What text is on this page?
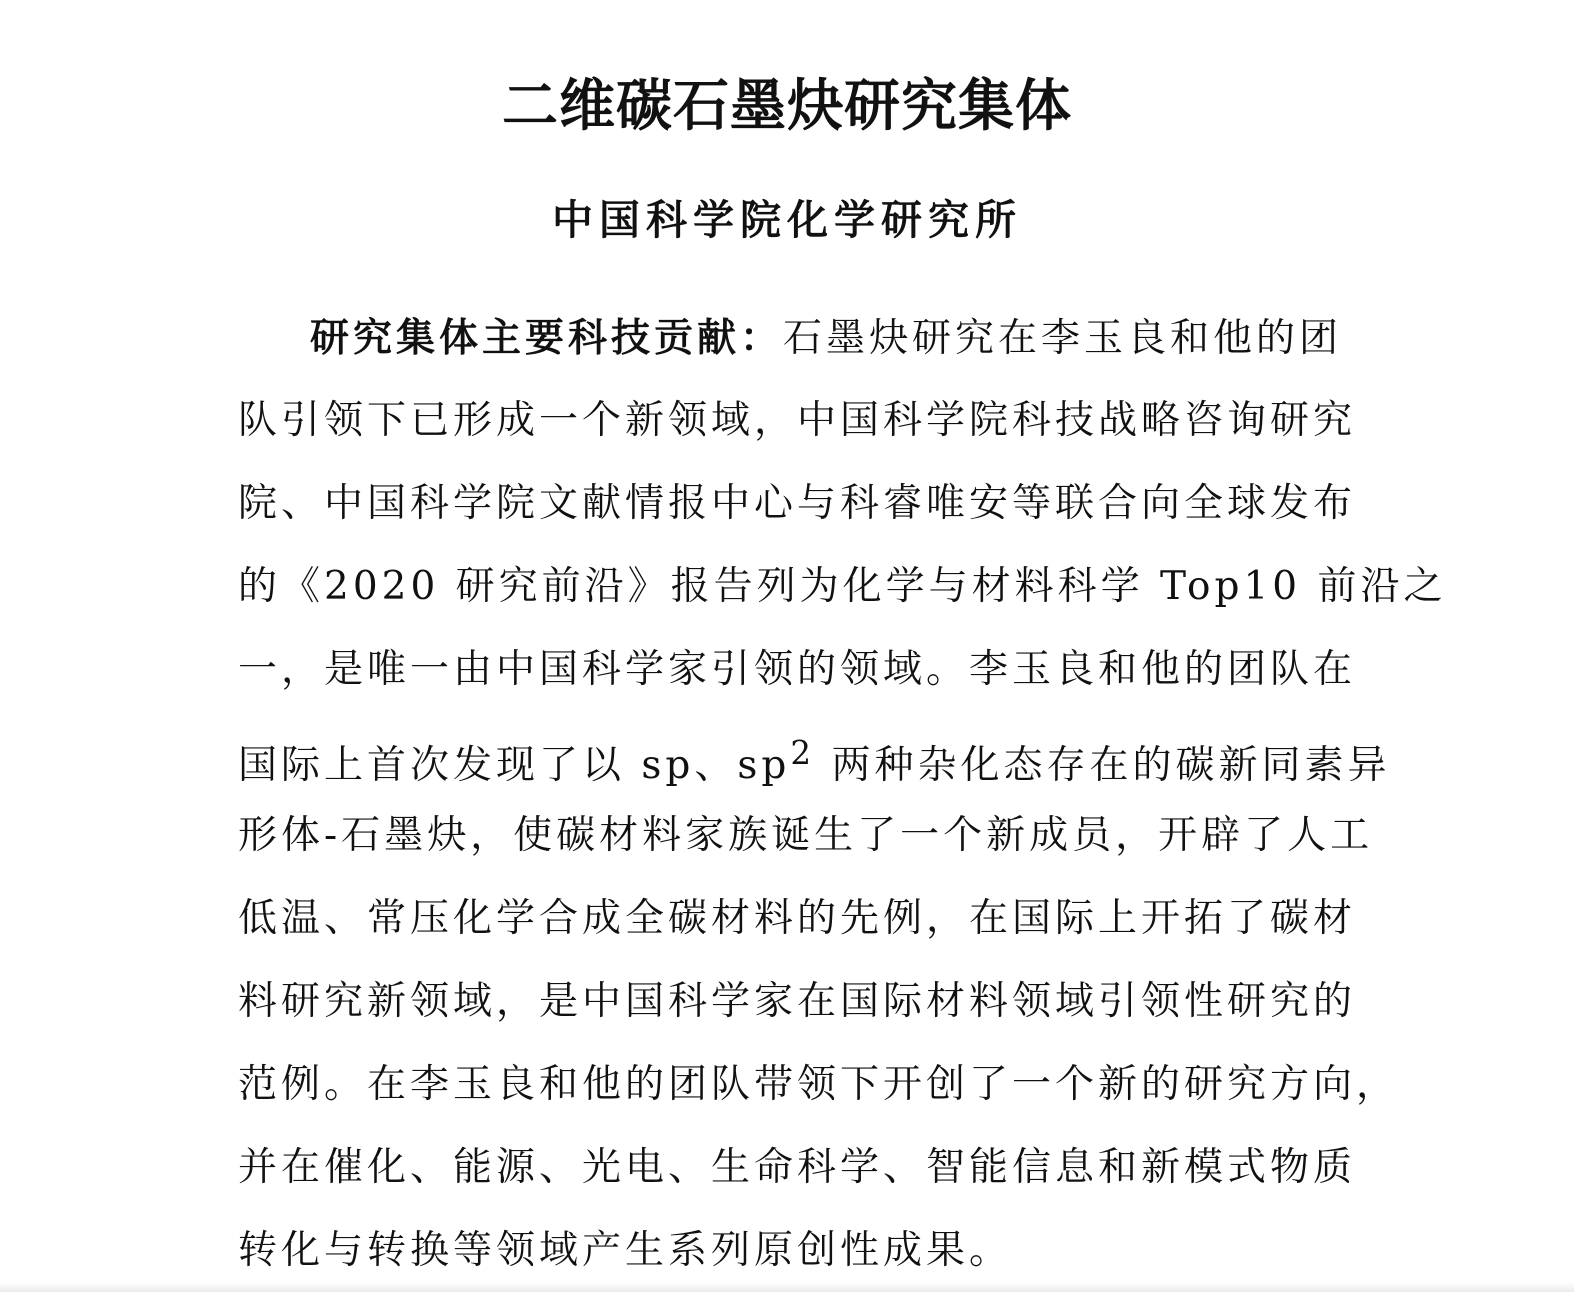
二维碳石墨炔研究集体
中国科学院化学研究所
研究集体主要科技贡献：石墨炔研究在李玉良和他的团
队引领下已形成一个新领域，中国科学院科技战略咨询研究
院、中国科学院文献情报中心与科睿唯安等联合向全球发布
的《2020 研究前沿》报告列为化学与材料科学 Top10 前沿之
一，是唯一由中国科学家引领的领域。李玉良和他的团队在
国际上首次发现了以 sp、$sp^2$ 两种杂化态存在的碳新同素异
形体-石墨炔，使碳材料家族诞生了一个新成员，开辟了人工
低温、常压化学合成全碳材料的先例，在国际上开拓了碳材
料研究新领域，是中国科学家在国际材料领域引领性研究的
范例。在李玉良和他的团队带领下开创了一个新的研究方向，
并在催化、能源、光电、生命科学、智能信息和新模式物质
转化与转换等领域产生系列原创性成果。
